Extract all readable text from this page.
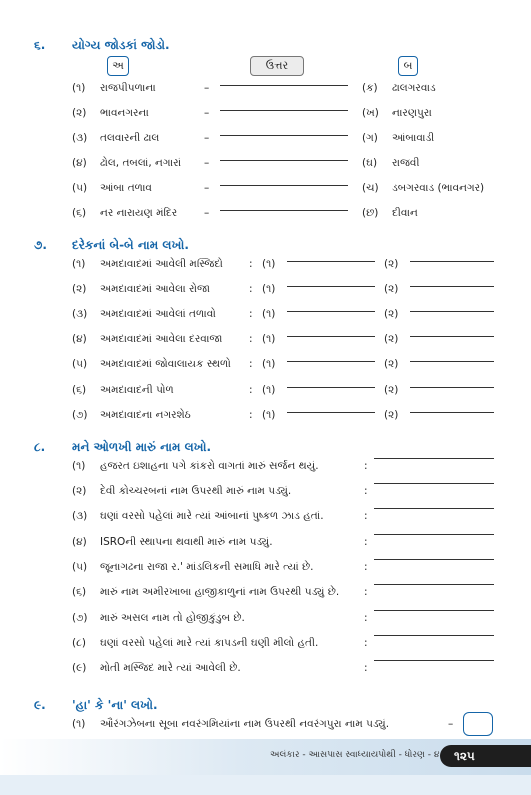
૬. યોગ્ય જોડકાં જોડો.
અ	ઉત્તર	બ
(૧) રાજપીપળાના	–	(ક) ઢાલગરવાડ
(૨) ભાવનગરના	–	(ખ) નારણપુરા
(૩) તલવારની ઢાલ	–	(ગ) આંબાવાડી
(૪) ઢોલ, તબલાં, નગારાં –	(ઘ) રાજવી
(૫) આંબા તળાવ	–	(ચ) ડબગરવાડ (ભાવનગર)
(૬) નર નારાયણ મંદિર	–	(છ) દીવાન
૭. દરેકનાં બે-બે નામ લખો.
(૧) અમદાવાદમાં આવેલી મસ્જિદો : (૧)	(૨)
(૨) અમદાવાદમાં આવેલા રોજા	: (૧)	(૨)
(૩) અમદાવાદમાં આવેલાં તળાવો	: (૧)	(૨)
(૪) અમદાવાદમાં આવેલા દરવાજા	: (૧)	(૨)
(૫) અમદાવાદમાં જોવાલાયક સ્થળો : (૧)	(૨)
(૬) અમદાવાદની પોળ	: (૧)	(૨)
(૭) અમદાવાદના નગરશેઠ	: (૧)	(૨)
૮. મને ઓળખી મારું નામ લખો.
(૧) હજરત ઇશાહના પગે કાંકરો વાગતાં મારું સર્જન થયું.	:
(૨) દેવી કોચ્ચરબનાં નામ ઉપરથી મારું નામ પડ્યું.	:
(૩) ઘણાં વરસો પહેલાં મારે ત્યાં આંબાનાં પુષ્કળ ઝાડ હતાં.	:
(૪) ISROની સ્થાપના થવાથી મારું નામ પડ્યું.	:
(૫) જૂનાગઢના રાજા ર.' માંડલિકની સમાધિ મારે ત્યાં છે.	:
(૬) મારું નામ અમીરખાબા હાજીકાળુનાં નામ ઉપરથી પડ્યું છે. :
(૭) મારું અસલ નામ તો હોજીકુંડુબ છે.	:
(૮) ઘણાં વરસો પહેલાં મારે ત્યાં કાપડની ઘણી મીલો હતી.	:
(૯) મોતી મસ્જિદ મારે ત્યાં આવેલી છે.	:
૯. 'હા' કે 'ના' લખો.
(૧) ઔરંગઝેબના સૂબા નવરંગમિયાંના નામ ઉપરથી નવરંગપુરા નામ પડ્યું.	–
અલંકાર - આસપાસ સ્વાધ્યાયપોથી - ધોરણ - ૪	૧૨૫
